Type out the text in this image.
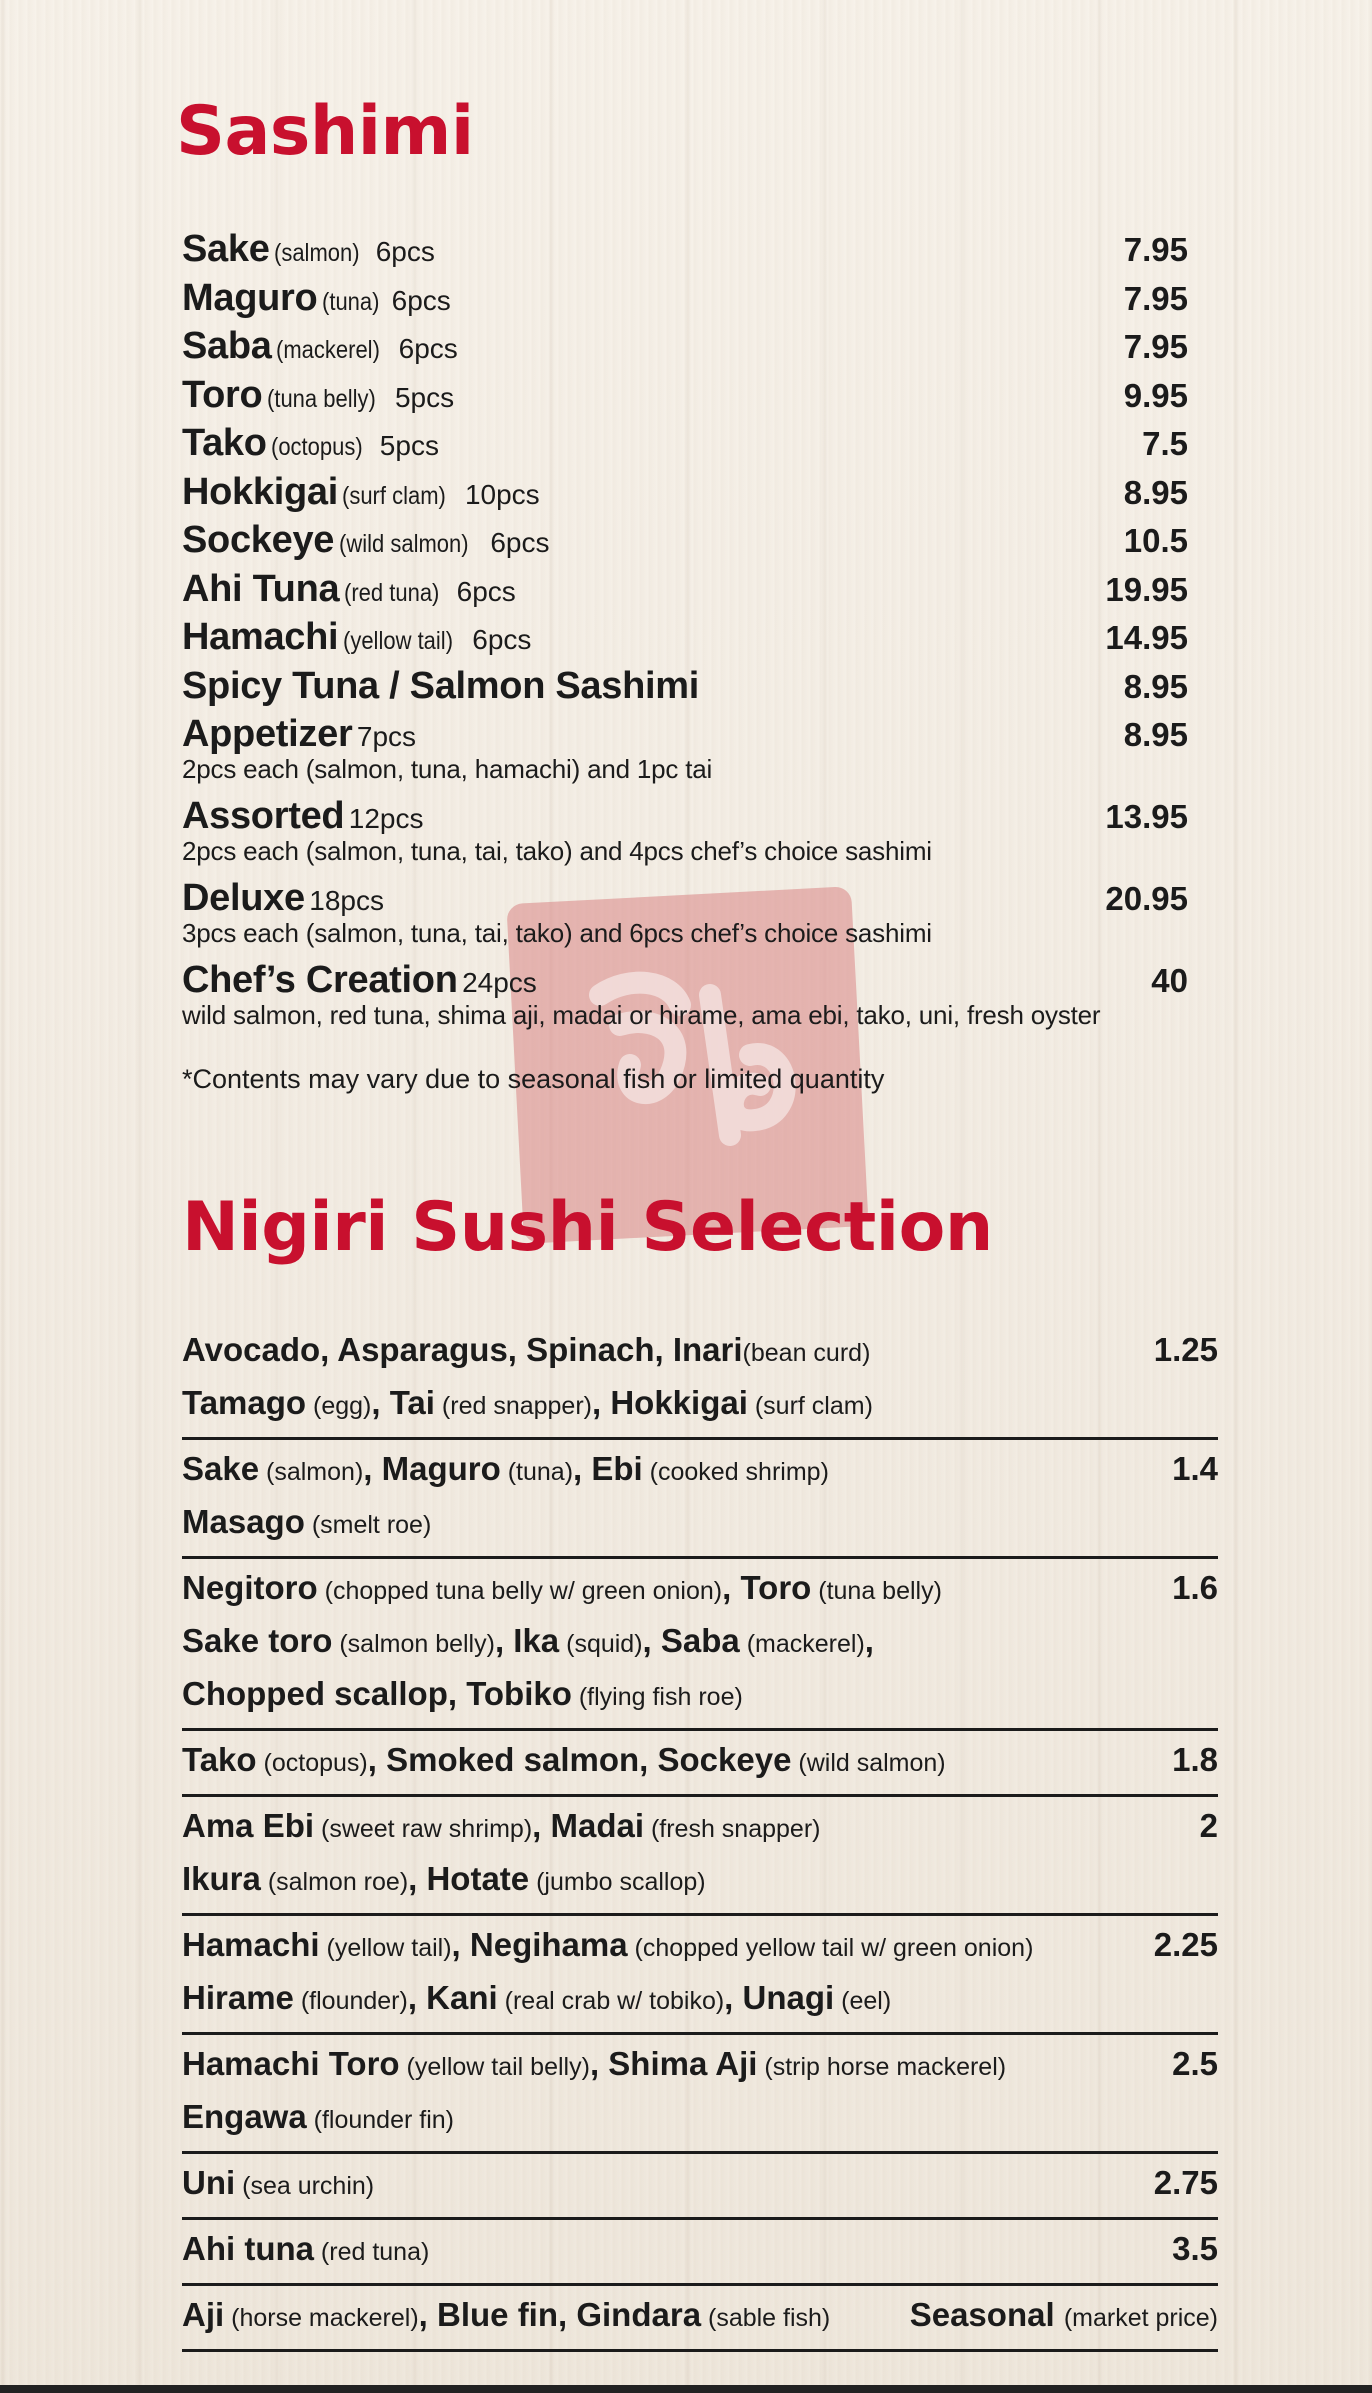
Sashimi
Sake (salmon) 6pcs	7.95
Maguro (tuna) 6pcs	7.95
Saba (mackerel) 6pcs	7.95
Toro (tuna belly) 5pcs	9.95
Tako (octopus) 5pcs	7.5
Hokkigai (surf clam) 10pcs	8.95
Sockeye (wild salmon) 6pcs	10.5
Ahi Tuna (red tuna) 6pcs	19.95
Hamachi (yellow tail) 6pcs	14.95
Spicy Tuna / Salmon Sashimi	8.95
Appetizer 7pcs	8.95
2pcs each (salmon, tuna, hamachi) and 1pc tai
Assorted 12pcs	13.95
2pcs each (salmon, tuna, tai, tako) and 4pcs chef’s choice sashimi
Deluxe 18pcs	20.95
3pcs each (salmon, tuna, tai, tako) and 6pcs chef’s choice sashimi
Chef’s Creation 24pcs	40
wild salmon, red tuna, shima aji, madai or hirame, ama ebi, tako, uni, fresh oyster
*Contents may vary due to seasonal fish or limited quantity
Nigiri Sushi Selection
Avocado, Asparagus, Spinach, Inari(bean curd)
Tamago (egg), Tai (red snapper), Hokkigai (surf clam)
1.25
Sake (salmon), Maguro (tuna), Ebi (cooked shrimp)
Masago (smelt roe)
1.4
Negitoro (chopped tuna belly w/ green onion), Toro (tuna belly)
Sake toro (salmon belly), Ika (squid), Saba (mackerel),
Chopped scallop, Tobiko (flying fish roe)
1.6
Tako (octopus), Smoked salmon, Sockeye (wild salmon)	1.8
Ama Ebi (sweet raw shrimp), Madai (fresh snapper)
Ikura (salmon roe), Hotate (jumbo scallop)
2
Hamachi (yellow tail), Negihama (chopped yellow tail w/ green onion)
Hirame (flounder), Kani (real crab w/ tobiko), Unagi (eel)
2.25
Hamachi Toro (yellow tail belly), Shima Aji (strip horse mackerel)
Engawa (flounder fin)
2.5
Uni (sea urchin)	2.75
Ahi tuna (red tuna)	3.5
Aji (horse mackerel), Blue fin, Gindara (sable fish)	Seasonal (market price)
